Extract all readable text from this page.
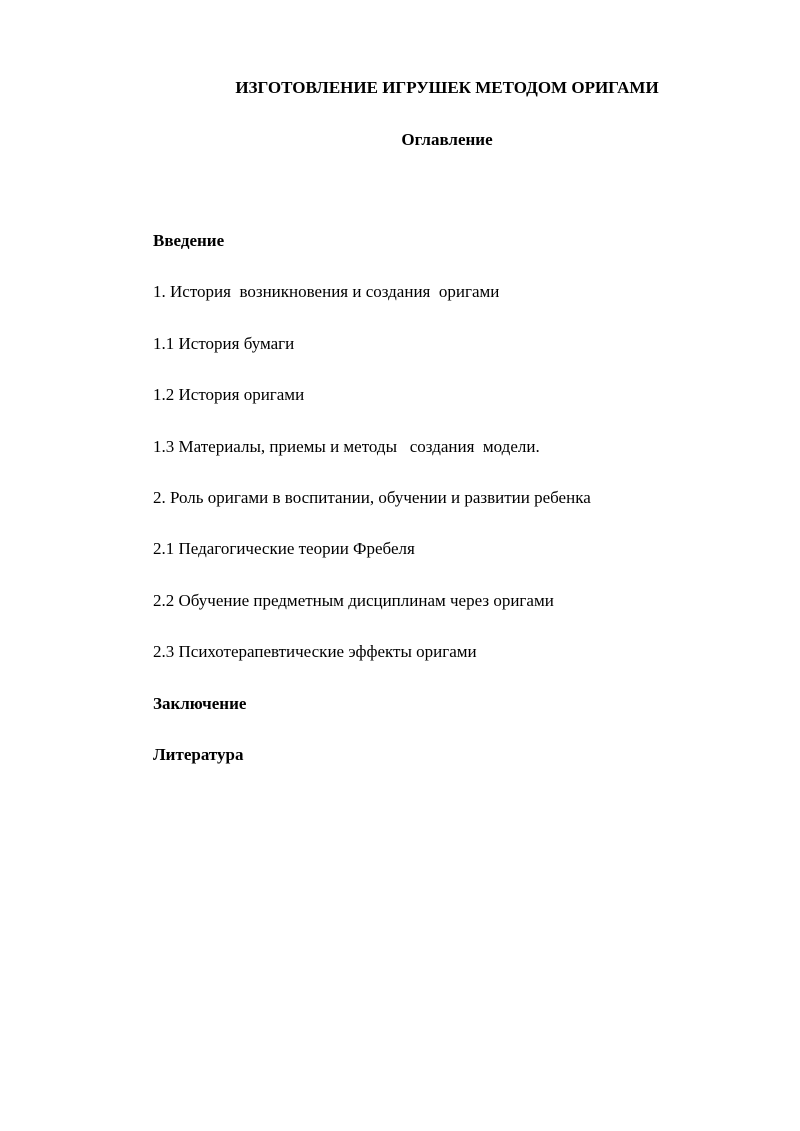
ИЗГОТОВЛЕНИЕ ИГРУШЕК МЕТОДОМ ОРИГАМИ
Оглавление
Введение
1. История  возникновения и создания  оригами
1.1 История бумаги
1.2 История оригами
1.3 Материалы, приемы и методы   создания  модели.
2. Роль оригами в воспитании, обучении и развитии ребенка
2.1 Педагогические теории Фребеля
2.2 Обучение предметным дисциплинам через оригами
2.3 Психотерапевтические эффекты оригами
Заключение
Литература
